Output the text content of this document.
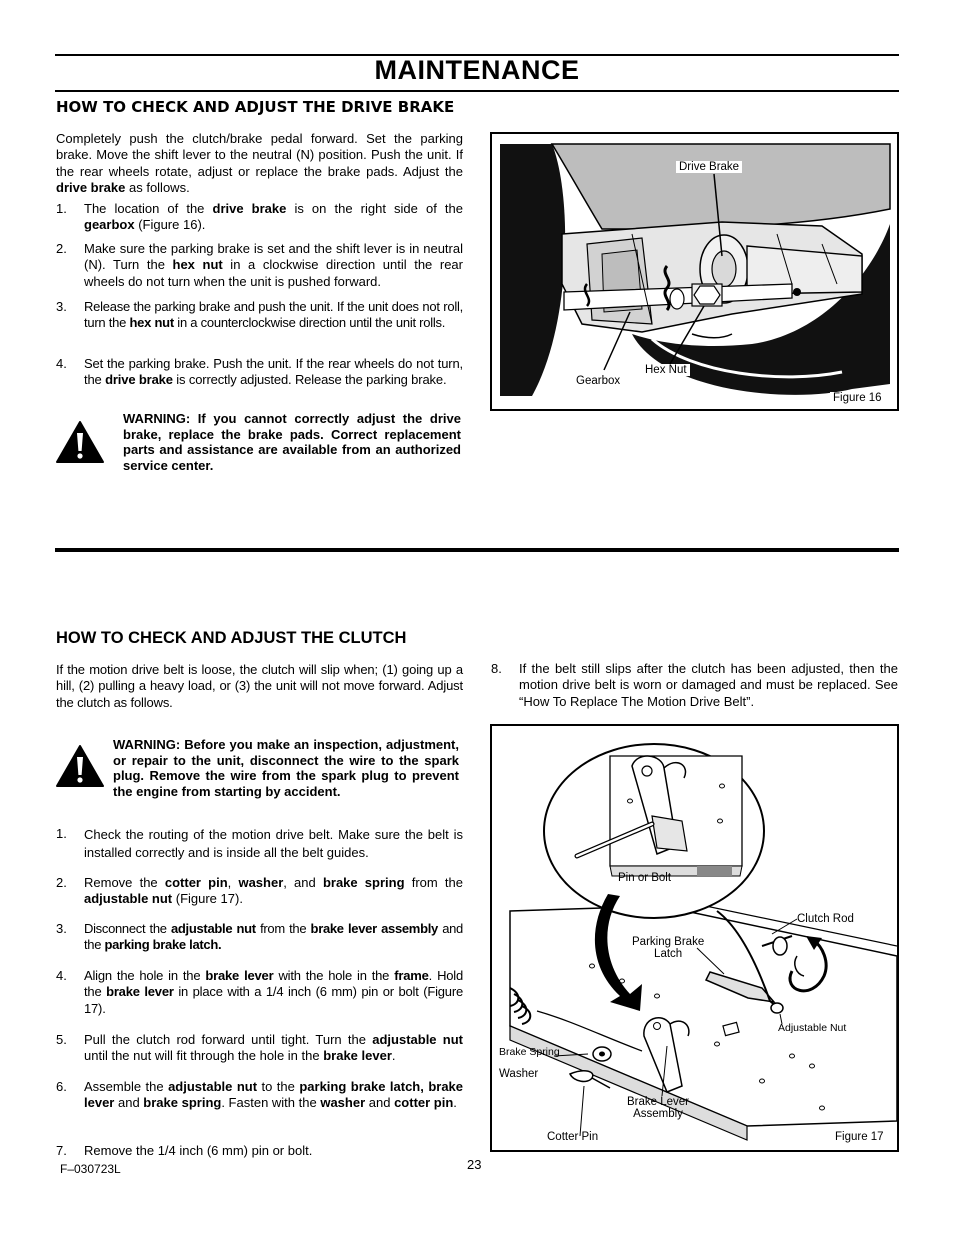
MAINTENANCE
HOW TO CHECK AND ADJUST THE DRIVE BRAKE
Completely push the clutch/brake pedal forward. Set the parking brake. Move the shift lever to the neutral (N) position. Push the unit. If the rear wheels rotate, adjust or replace the brake pads. Adjust the drive brake as follows.
1. The location of the drive brake is on the right side of the gearbox (Figure 16).
2. Make sure the parking brake is set and the shift lever is in neutral (N). Turn the hex nut in a clockwise direction until the rear wheels do not turn when the unit is pushed forward.
3. Release the parking brake and push the unit. If the unit does not roll, turn the hex nut in a counterclockwise direction until the unit rolls.
4. Set the parking brake. Push the unit. If the rear wheels do not turn, the drive brake is correctly adjusted. Release the parking brake.
WARNING: If you cannot correctly adjust the drive brake, replace the brake pads. Correct replacement parts and assistance are available from an authorized service center.
Drive Brake
Hex Nut
Gearbox
Figure 16
HOW TO CHECK AND ADJUST THE CLUTCH
If the motion drive belt is loose, the clutch will slip when; (1) going up a hill, (2) pulling a heavy load, or (3) the unit will not move forward. Adjust the clutch as follows.
WARNING: Before you make an inspection, adjustment, or repair to the unit, disconnect the wire to the spark plug. Remove the wire from the spark plug to prevent the engine from starting by accident.
1. Check the routing of the motion drive belt. Make sure the belt is installed correctly and is inside all the belt guides.
2. Remove the cotter pin, washer, and brake spring from the adjustable nut (Figure 17).
3. Disconnect the adjustable nut from the brake lever assembly and the parking brake latch.
4. Align the hole in the brake lever with the hole in the frame. Hold the brake lever in place with a 1/4 inch (6 mm) pin or bolt (Figure 17).
5. Pull the clutch rod forward until tight. Turn the adjustable nut until the nut will fit through the hole in the brake lever.
6. Assemble the adjustable nut to the parking brake latch, brake lever and brake spring. Fasten with the washer and cotter pin.
7. Remove the 1/4 inch (6 mm) pin or bolt.
8. If the belt still slips after the clutch has been adjusted, then the motion drive belt is worn or damaged and must be replaced. See “How To Replace The Motion Drive Belt”.
Pin or Bolt
Clutch Rod
Parking Brake
Latch
Adjustable Nut
Brake Spring
Washer
Brake Lever
Assembly
Cotter Pin	Figure 17
F–030723L	23
